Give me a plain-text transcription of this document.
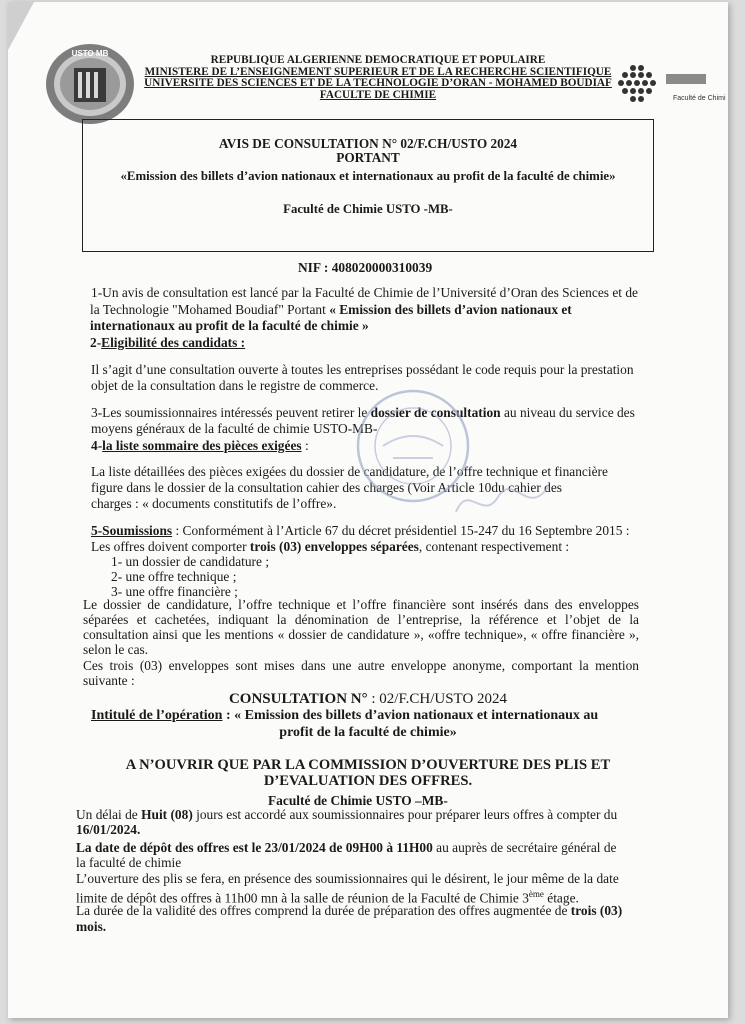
USTO MB
Faculté de Chimi
REPUBLIQUE ALGERIENNE DEMOCRATIQUE ET POPULAIRE
MINISTERE DE L’ENSEIGNEMENT SUPERIEUR ET DE LA RECHERCHE SCIENTIFIQUE
UNIVERSITE DES SCIENCES ET DE LA TECHNOLOGIE D’ORAN - MOHAMED BOUDIAF
FACULTE DE CHIMIE
AVIS DE CONSULTATION N° 02/F.CH/USTO 2024
PORTANT
«Emission des billets d’avion nationaux et internationaux au profit de la faculté de chimie»
Faculté de Chimie USTO -MB-
NIF : 408020000310039
1-Un avis de consultation est lancé par la Faculté de Chimie de l’Université d’Oran des Sciences et de
la Technologie "Mohamed Boudiaf" Portant « Emission des billets d’avion nationaux et
internationaux au profit de la faculté de chimie »
2-Eligibilité des candidats :
Il s’agit d’une consultation ouverte à toutes les entreprises possédant le code requis pour la prestation
objet de la consultation dans le registre de commerce.
3-Les soumissionnaires intéressés peuvent retirer le dossier de consultation au niveau du service des
moyens généraux de la faculté de chimie USTO-MB-
4-la liste sommaire des pièces exigées :
La liste détaillées des pièces exigées du dossier de candidature, de l’offre technique et financière
figure dans le dossier de la consultation cahier des charges (Voir Article 10du cahier des
charges : « documents constitutifs de l’offre».
5-Soumissions : Conformément à l’Article 67 du décret présidentiel 15-247 du 16 Septembre 2015 :
Les offres doivent comporter trois (03) enveloppes séparées, contenant respectivement :
1- un dossier de candidature ;
2- une offre technique ;
3- une offre financière ;
Le dossier de candidature, l’offre technique et l’offre financière sont insérés dans des enveloppes séparées et cachetées, indiquant la dénomination de l’entreprise, la référence et l’objet de la consultation ainsi que les mentions « dossier de candidature », «offre technique», « offre financière », selon le cas.
Ces trois (03) enveloppes sont mises dans une autre enveloppe anonyme, comportant la mention suivante :
CONSULTATION N° : 02/F.CH/USTO 2024
Intitulé de l’opération : « Emission des billets d’avion nationaux et internationaux au
profit de la faculté de chimie»
A N’OUVRIR QUE PAR LA COMMISSION D’OUVERTURE DES PLIS ET
D’EVALUATION DES OFFRES.
Faculté de Chimie USTO –MB-
Un délai de Huit (08) jours est accordé aux soumissionnaires pour préparer leurs offres à compter du
16/01/2024.
La date de dépôt des offres est le 23/01/2024 de 09H00 à 11H00 au auprès de secrétaire général de
la faculté de chimie
L’ouverture des plis se fera, en présence des soumissionnaires qui le désirent, le jour même de la date
limite de dépôt des offres à 11h00 mn à la salle de réunion de la Faculté de Chimie 3ème étage.
La durée de la validité des offres comprend la durée de préparation des offres augmentée de trois (03)
mois.
